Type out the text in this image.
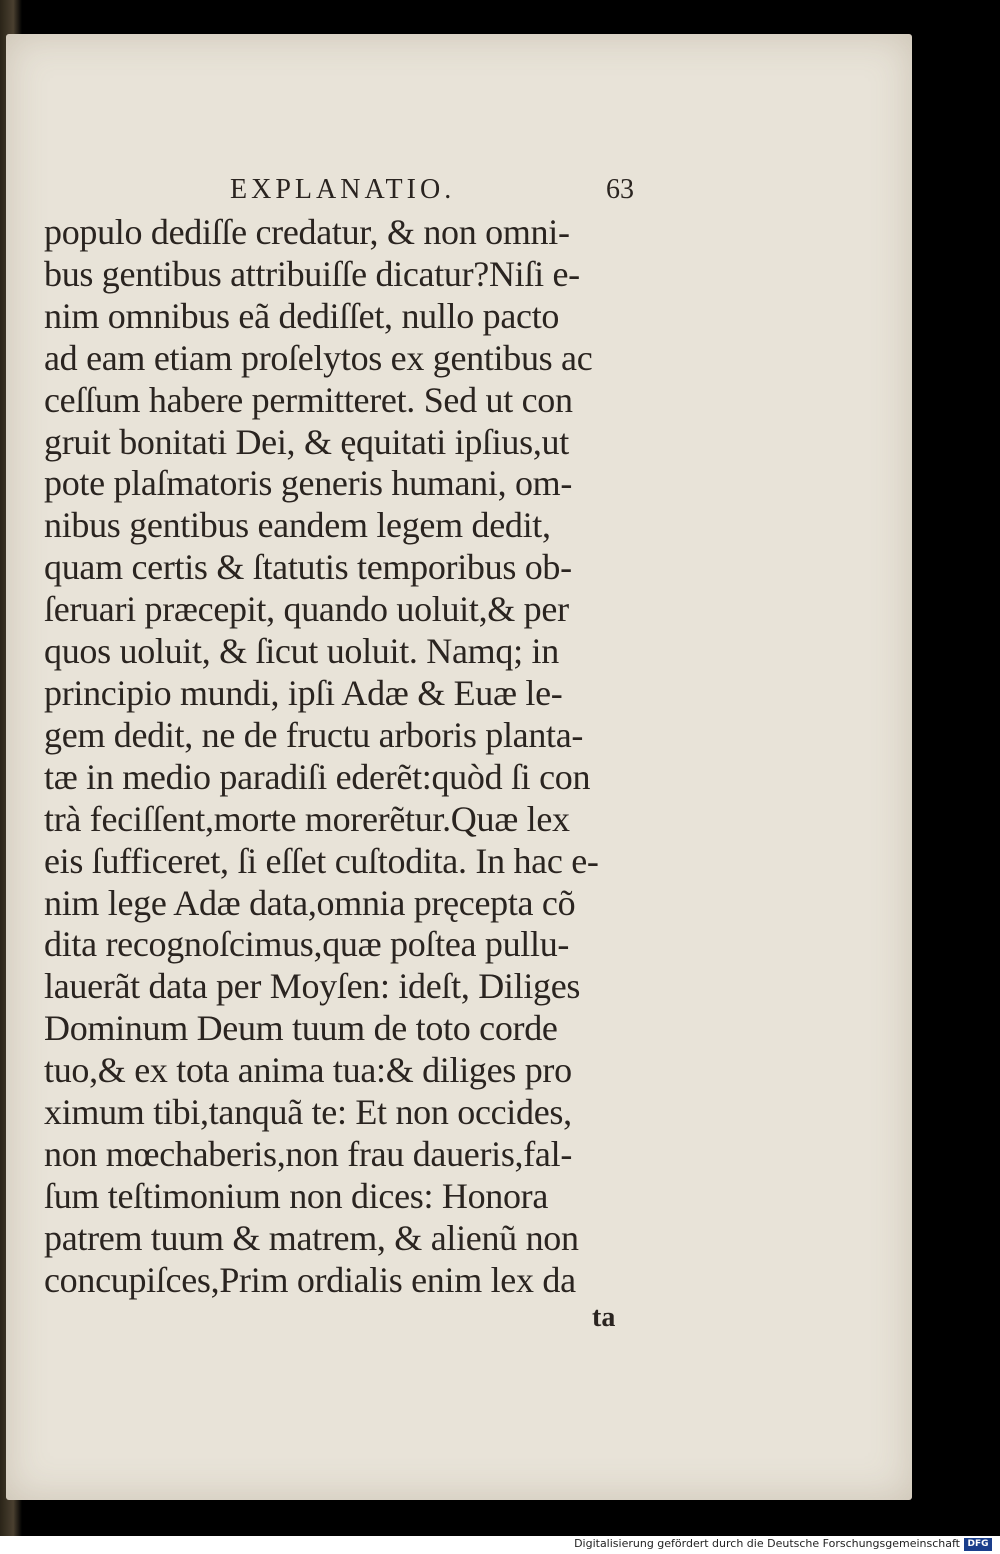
EXPLANATIO.	63
populo dediſſe credatur, & non omni-
bus gentibus attribuiſſe dicatur?Niſi e-
nim omnibus eã dediſſet, nullo pacto
ad eam etiam proſelytos ex gentibus ac
ceſſum habere permitteret. Sed ut con
gruit bonitati Dei, & ęquitati ipſius,ut
pote plaſmatoris generis humani, om-
nibus gentibus eandem legem dedit,
quam certis & ſtatutis temporibus ob-
ſeruari præcepit, quando uoluit,& per
quos uoluit, & ſicut uoluit. Namq; in
principio mundi, ipſi Adæ & Euæ le-
gem dedit, ne de fructu arboris planta-
tæ in medio paradiſi ederẽt:quòd ſi con
trà feciſſent,morte morerẽtur.Quæ lex
eis ſufficeret, ſi eſſet cuſtodita. In hac e-
nim lege Adæ data,omnia pręcepta cõ
dita recognoſcimus,quæ poſtea pullu-
lauerãt data per Moyſen: ideſt, Diliges
Dominum Deum tuum de toto corde
tuo,& ex tota anima tua:& diliges pro
ximum tibi,tanquã te: Et non occides,
non mœchaberis,non frau daueris,fal-
ſum teſtimonium non dices: Honora
patrem tuum & matrem, & alienũ non
concupiſces,Prim ordialis enim lex da
ta
Digitalisierung gefördert durch die Deutsche Forschungsgemeinschaft DFG
